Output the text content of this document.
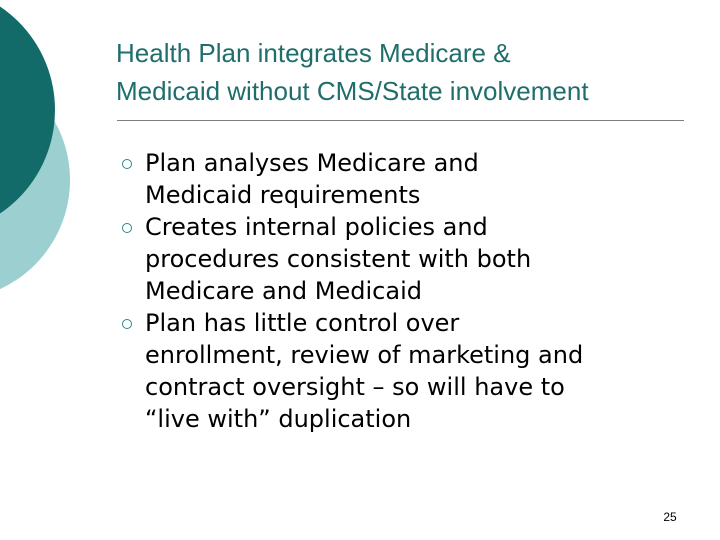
Health Plan integrates Medicare &
Medicaid without CMS/State involvement
Plan analyses Medicare and
Medicaid requirements
Creates internal policies and
procedures consistent with both
Medicare and Medicaid
Plan has little control over
enrollment, review of marketing and
contract oversight – so will have to
“live with” duplication
25
